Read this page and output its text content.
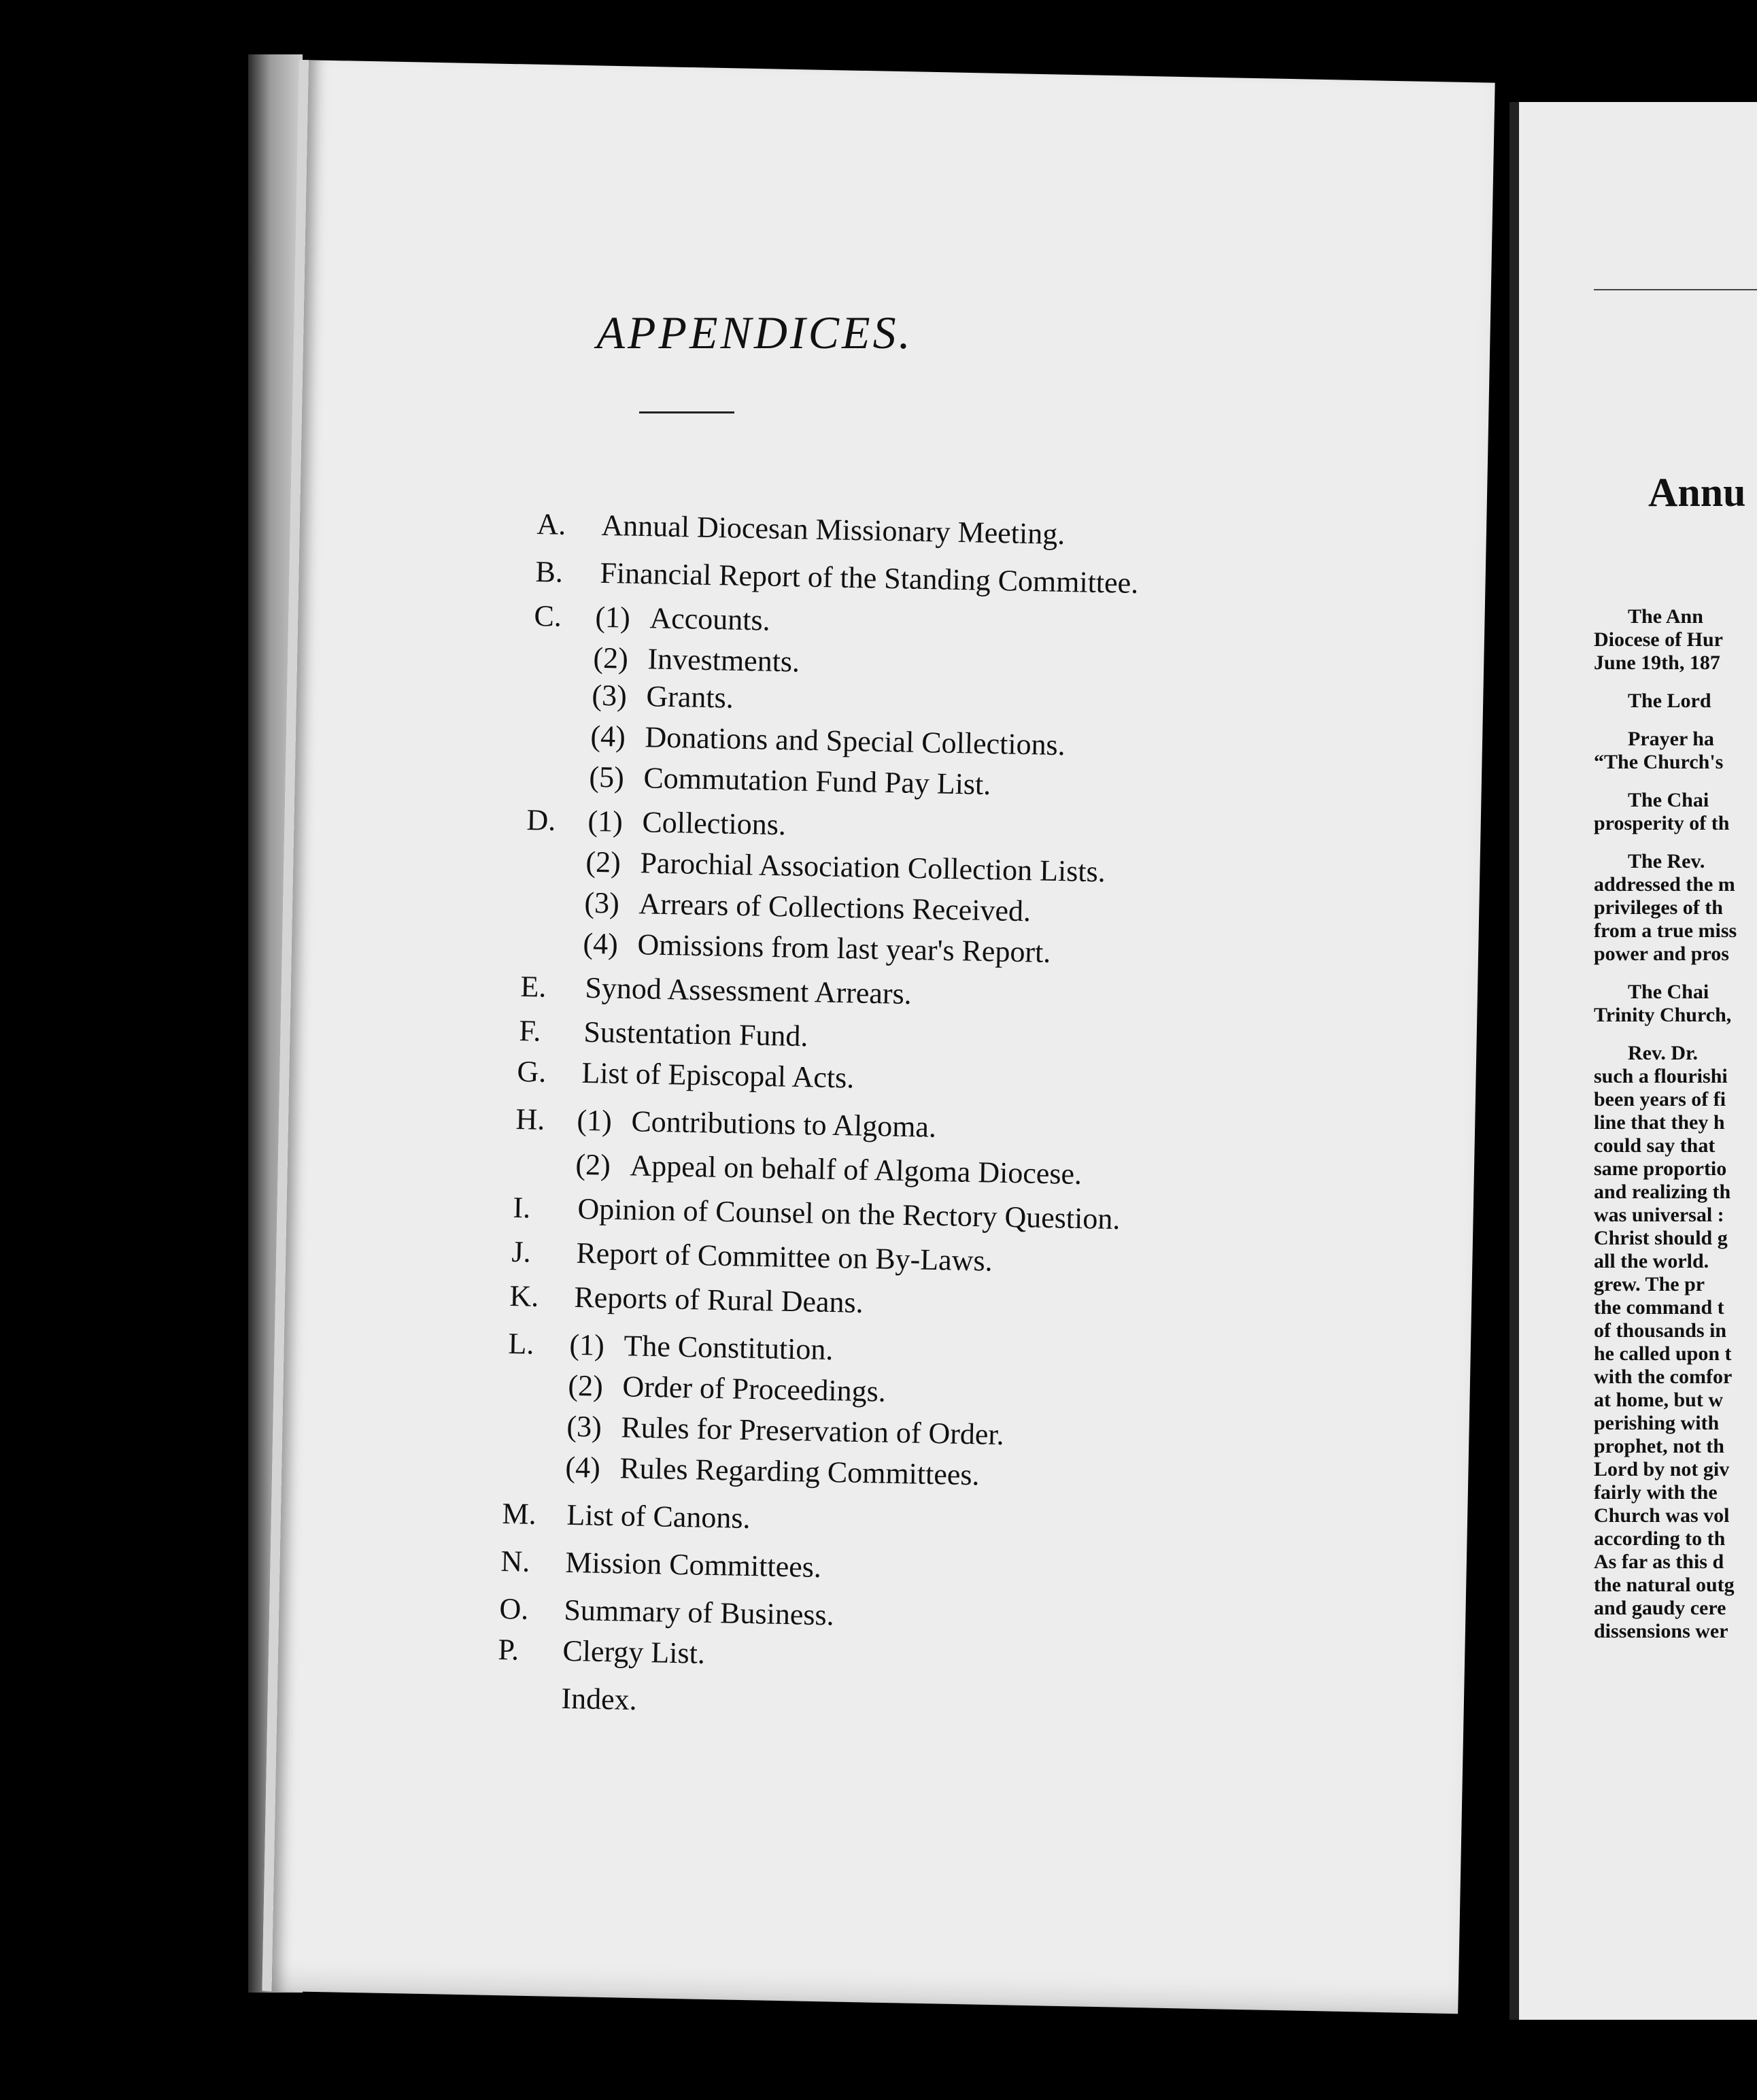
APPENDICES.
A. Annual Diocesan Missionary Meeting.
B. Financial Report of the Standing Committee.
C. (1) Accounts.
(2) Investments.
(3) Grants.
(4) Donations and Special Collections.
(5) Commutation Fund Pay List.
D. (1) Collections.
(2) Parochial Association Collection Lists.
(3) Arrears of Collections Received.
(4) Omissions from last year's Report.
E. Synod Assessment Arrears.
F. Sustentation Fund.
G. List of Episcopal Acts.
H. (1) Contributions to Algoma.
(2) Appeal on behalf of Algoma Diocese.
I. Opinion of Counsel on the Rectory Question.
J. Report of Committee on By-Laws.
K. Reports of Rural Deans.
L. (1) The Constitution.
(2) Order of Proceedings.
(3) Rules for Preservation of Order.
(4) Rules Regarding Committees.
M. List of Canons.
N. Mission Committees.
O. Summary of Business.
P. Clergy List.
Index.
Annu
The Ann
Diocese of Hur
June 19th, 187
The Lord
Prayer ha
“The Church's
The Chai
prosperity of th
The Rev.
addressed the m
privileges of th
from a true miss
power and pros
The Chai
Trinity Church,
Rev. Dr.
such a flourishi
been years of fi
line that they h
could say that
same proportio
and realizing th
was universal :
Christ should g
all the world.
grew. The pr
the command t
of thousands in
he called upon t
with the comfor
at home, but w
perishing with
prophet, not th
Lord by not giv
fairly with the
Church was vol
according to th
As far as this d
the natural outg
and gaudy cere
dissensions wer
